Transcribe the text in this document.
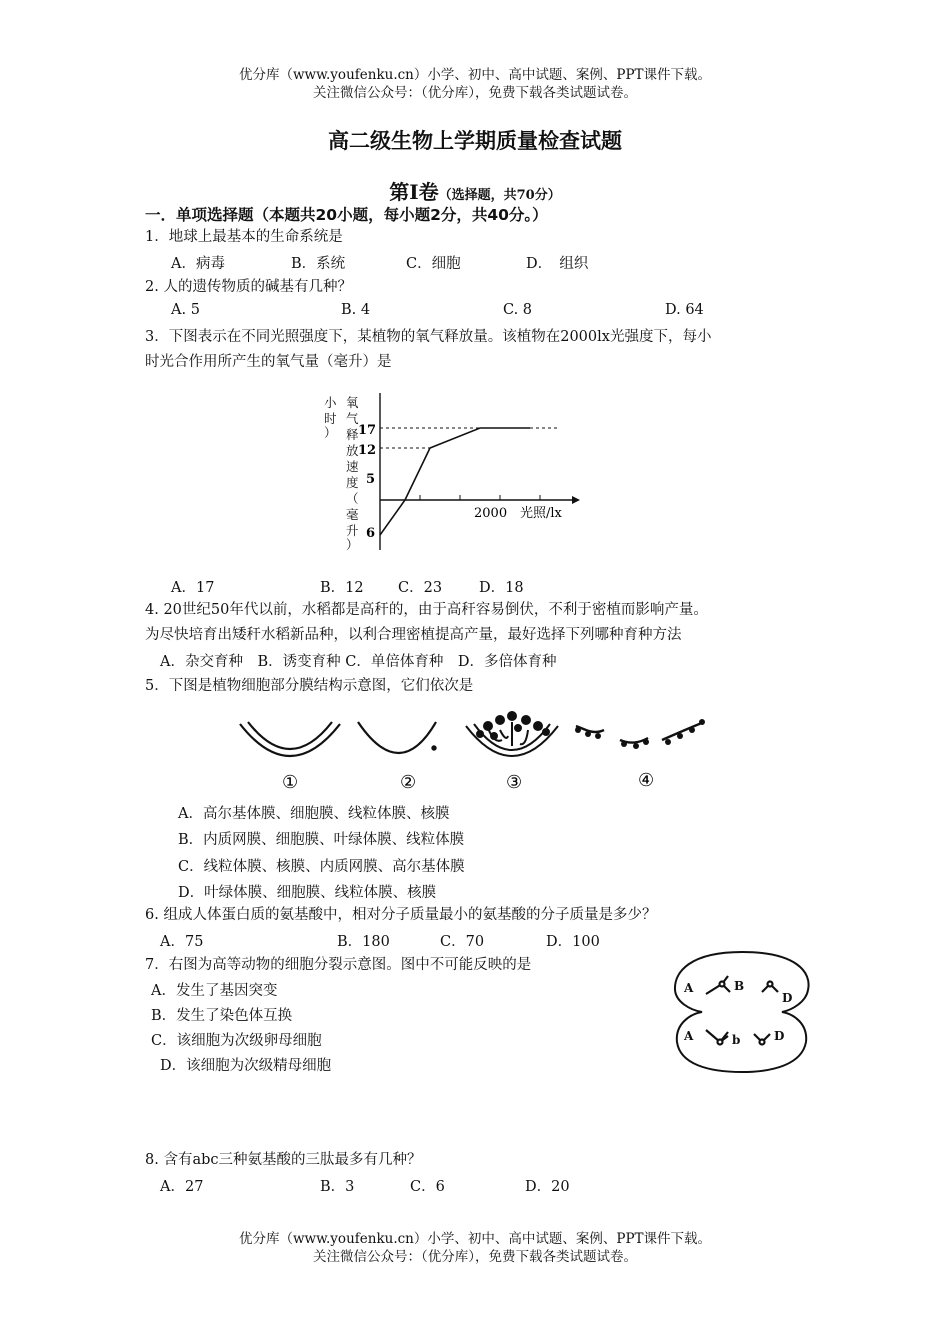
优分库（www.youfenku.cn）小学、初中、高中试题、案例、PPT课件下载。
关注微信公众号：（优分库），免费下载各类试题试卷。
高二级生物上学期质量检查试题
第Ⅰ卷（选择题，共70分）
一．单项选择题（本题共20小题，每小题2分，共40分。）
1．地球上最基本的生命系统是
A．病毒	B．系统	C．细胞	D．　组织
2. 人的遗传物质的碱基有几种？
A. 5	B. 4	C. 8	D. 64
3．下图表示在不同光照强度下，某植物的氧气释放量。该植物在2000lx光强度下，每小
时光合作用所产生的氧气量（毫升）是
氧
气
释
放
速
度
（
毫
升
）
小
时
） 17
12
5
6
2000 光照/lx
A．17	B．12 C．23	D．18
4. 20世纪50年代以前，水稻都是高秆的，由于高秆容易倒伏，不利于密植而影响产量。
为尽快培育出矮秆水稻新品种，以利合理密植提高产量，最好选择下列哪种育种方法
A．杂交育种　B．诱变育种 C．单倍体育种　D．多倍体育种
5．下图是植物细胞部分膜结构示意图，它们依次是
①	②	③	④
A．高尔基体膜、细胞膜、线粒体膜、核膜
B．内质网膜、细胞膜、叶绿体膜、线粒体膜
C．线粒体膜、核膜、内质网膜、高尔基体膜
D．叶绿体膜、细胞膜、线粒体膜、核膜
6. 组成人体蛋白质的氨基酸中，相对分子质量最小的氨基酸的分子质量是多少？
A．75	B．180	C．70	D．100
7．右图为高等动物的细胞分裂示意图。图中不可能反映的是
A．发生了基因突变
B．发生了染色体互换
C．该细胞为次级卵母细胞
D．该细胞为次级精母细胞
A	B
D
A	b	D
8. 含有abc三种氨基酸的三肽最多有几种？
A．27	B．3	C．6	D．20
优分库（www.youfenku.cn）小学、初中、高中试题、案例、PPT课件下载。
关注微信公众号：（优分库），免费下载各类试题试卷。
